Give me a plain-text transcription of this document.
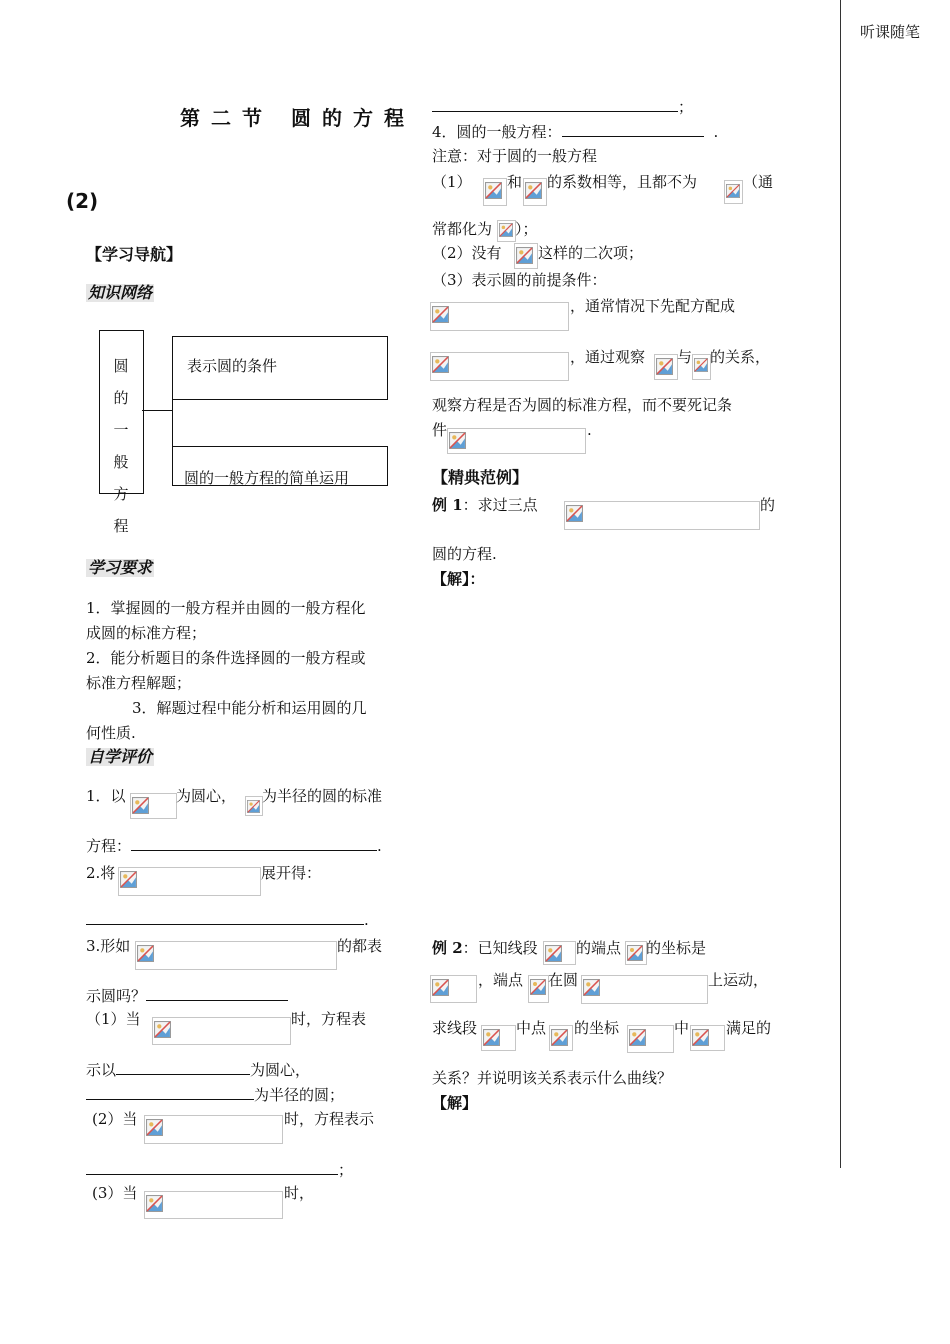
听课随笔
第二节 圆的方程
(2)
【学习导航】
知识网络
圆
的
一
般
方
程
表示圆的条件
圆的一般方程的简单运用
学习要求
1．掌握圆的一般方程并由圆的一般方程化
成圆的标准方程；
2．能分析题目的条件选择圆的一般方程或
标准方程解题；
3．解题过程中能分析和运用圆的几
何性质.
自学评价
1．以	为圆心， 为半径的圆的标准
方程：	.
2.将	展开得：
.
3.形如	的都表
示圆吗？
（1）当	时，方程表
示以	为圆心，
为半径的圆；
(2）当	时，方程表示
；
(3）当	时，
；
4．圆的一般方程：	.
注意：对于圆的一般方程
（1） 和 的系数相等，且都不为	（通
常都化为 ）；
（2）没有 这样的二次项；
（3）表示圆的前提条件：
，通常情况下先配方配成
，通过观察 与 的关系，
观察方程是否为圆的标准方程，而不要死记条
件	.
【精典范例】
例 1：求过三点	的
圆的方程.
【解】：
例 2：已知线段	的端点 的坐标是
，端点 在圆	上运动，
求线段	中点 的坐标	中 满足的
关系？并说明该关系表示什么曲线？
【解】
